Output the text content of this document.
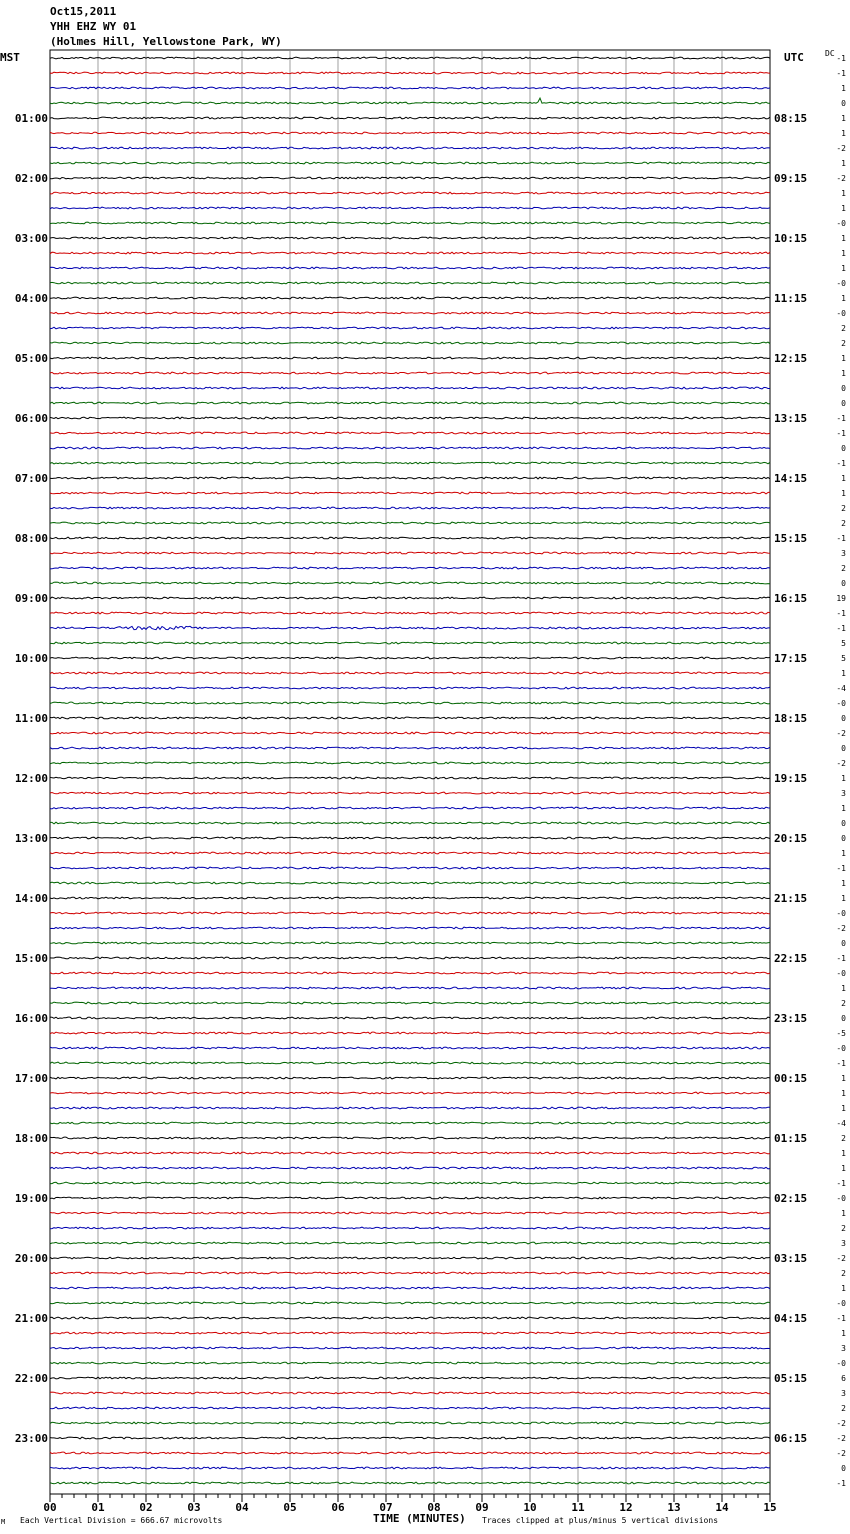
Oct15,2011
YHH EHZ WY 01
(Holmes Hill, Yellowstone Park, WY)
MST	UTC	-1
-1
1
0
1
1
-2
1
-2
1
1
-0
1
1
1
-0
1
-0
2
2
1
1
0
0
-1
-1
0
-1
1
1
2
2
-1
3
2
0
19
-1
-1
5
5
1
-4
-0
0
-2
0
-2
1
3
1
0
0
1
-1
1
1
-0
-2
0
-1
-0
1
2
0
-5
-0
-1
1
1
1
-4
2
1
1
-1
-0
1
2
3
-2
2
1
-0
-1
1
3
-0
6
3
2
-2
-2
-2
0
-1
DC
01:00
02:00
03:00
04:00
05:00
06:00
07:00
08:00
09:00
10:00
11:00
12:00
13:00
14:00
15:00
16:00
17:00
18:00
19:00
20:00
21:00
22:00
23:00
08:15
09:15
10:15
11:15
12:15
13:15
14:15
15:15
16:15
17:15
18:15
19:15
20:15
21:15
22:15
23:15
00:15
01:15
02:15
03:15
04:15
05:15
06:15
00	01	02	03	04	05	06	07	08	09	10	11	12	13	14	15
TIME (MINUTES)
M Each Vertical Division = 666.67 microvolts	Traces clipped at plus/minus 5 vertical divisions
